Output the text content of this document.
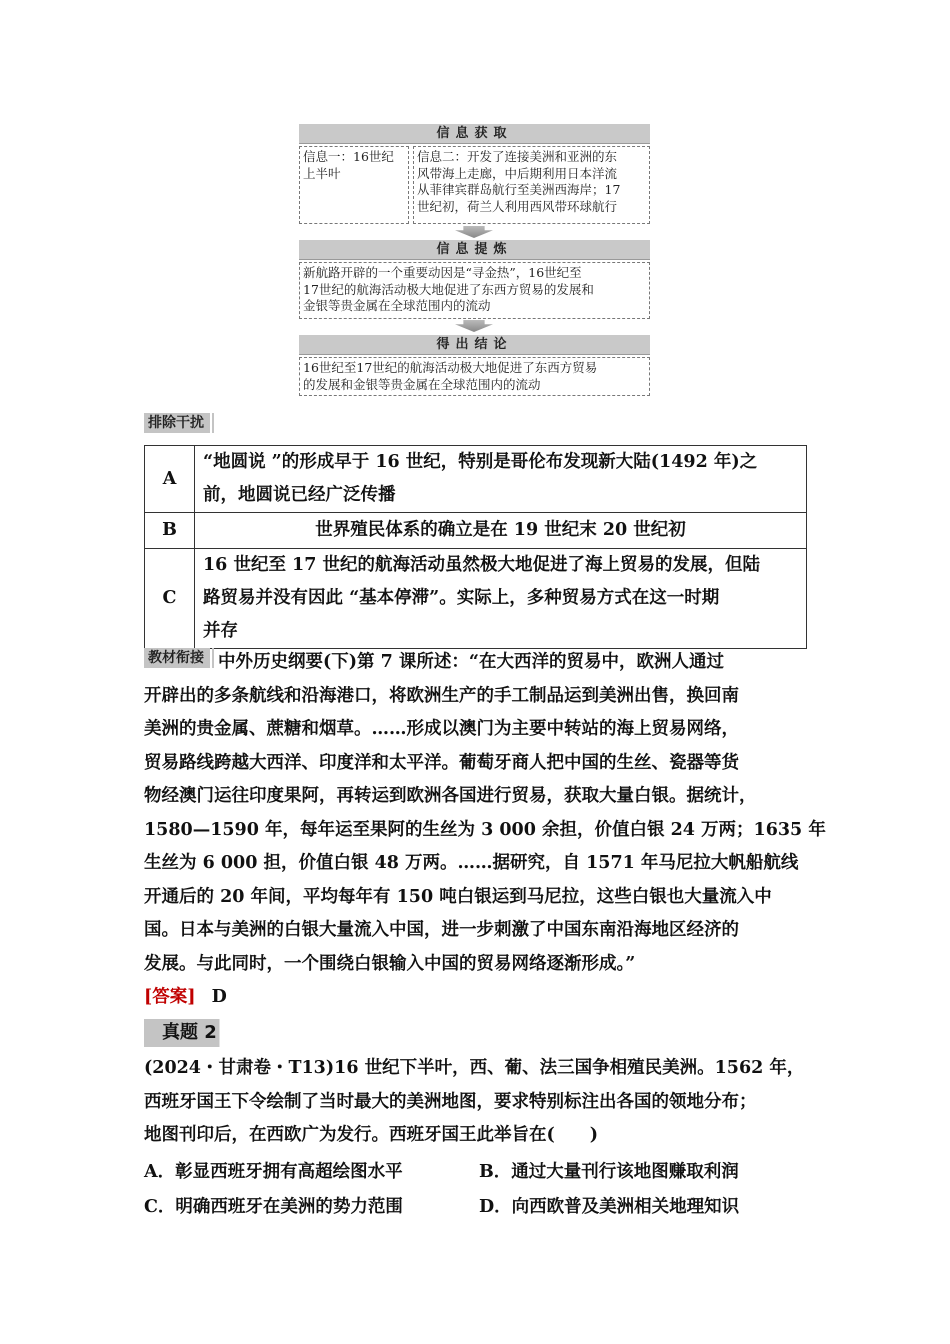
信息获取
信息一：16世纪
上半叶
信息二：开发了连接美洲和亚洲的东
风带海上走廊，中后期利用日本洋流
从菲律宾群岛航行至美洲西海岸；17
世纪初，荷兰人利用西风带环球航行
信息提炼
新航路开辟的一个重要动因是“寻金热”，16世纪至
17世纪的航海活动极大地促进了东西方贸易的发展和
金银等贵金属在全球范围内的流动
得出结论
16世纪至17世纪的航海活动极大地促进了东西方贸易
的发展和金银等贵金属在全球范围内的流动
排除干扰
A	“地圆说 ”的形成早于 16 世纪，特别是哥伦布发现新大陆(1492 年)之
前，地圆说已经广泛传播

B	世界殖民体系的确立是在 19 世纪末 20 世纪初

C	16 世纪至 17 世纪的航海活动虽然极大地促进了海上贸易的发展，但陆
路贸易并没有因此 “基本停滞”。实际上，多种贸易方式在这一时期
并存
教材衔接 中外历史纲要(下)第 7 课所述：“在大西洋的贸易中，欧洲人通过
开辟出的多条航线和沿海港口，将欧洲生产的手工制品运到美洲出售，换回南
美洲的贵金属、蔗糖和烟草。……形成以澳门为主要中转站的海上贸易网络，
贸易路线跨越大西洋、印度洋和太平洋。葡萄牙商人把中国的生丝、瓷器等货
物经澳门运往印度果阿，再转运到欧洲各国进行贸易，获取大量白银。据统计，
1580—1590 年，每年运至果阿的生丝为 3 000 余担，价值白银 24 万两；1635 年
生丝为 6 000 担，价值白银 48 万两。……据研究，自 1571 年马尼拉大帆船航线
开通后的 20 年间，平均每年有 150 吨白银运到马尼拉，这些白银也大量流入中
国。日本与美洲的白银大量流入中国，进一步刺激了中国东南沿海地区经济的
发展。与此同时，一个围绕白银输入中国的贸易网络逐渐形成。”
[答案] D
真题 2
(2024・甘肃卷・T13)16 世纪下半叶，西、葡、法三国争相殖民美洲。1562 年，
西班牙国王下令绘制了当时最大的美洲地图，要求特别标注出各国的领地分布；
地图刊印后，在西欧广为发行。西班牙国王此举旨在(　　)
A．彰显西班牙拥有高超绘图水平	B．通过大量刊行该地图赚取利润
C．明确西班牙在美洲的势力范围	D．向西欧普及美洲相关地理知识
